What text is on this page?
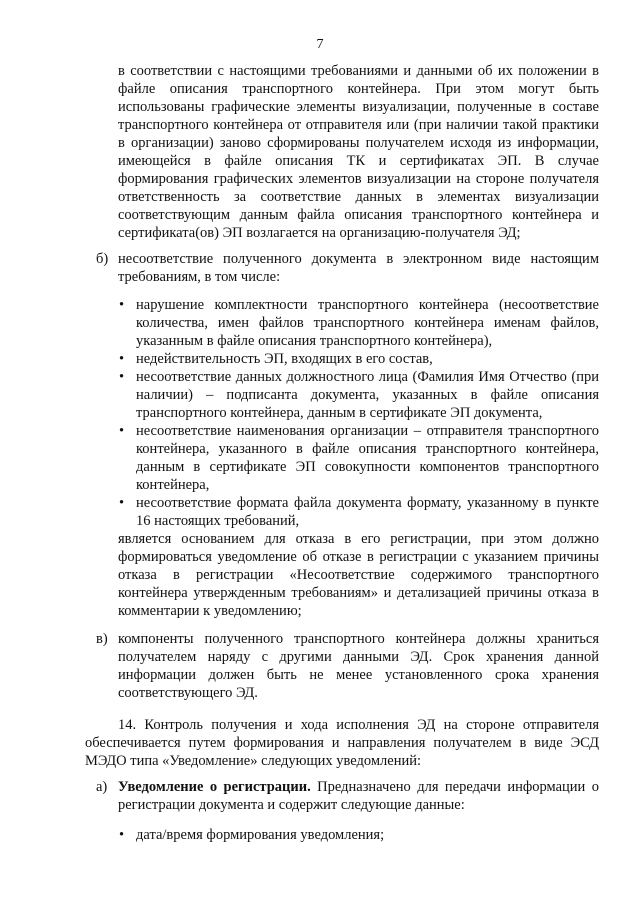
7

в соответствии с настоящими требованиями и данными об их положении в файле описания транспортного контейнера. При этом могут быть использованы графические элементы визуализации, полученные в составе транспортного контейнера от отправителя или (при наличии такой практики в организации) заново сформированы получателем исходя из информации, имеющейся в файле описания ТК и сертификатах ЭП. В случае формирования графических элементов визуализации на стороне получателя ответственность за соответствие данных в элементах визуализации соответствующим данным файла описания транспортного контейнера и сертификата(ов) ЭП возлагается на организацию-получателя ЭД;

б) несоответствие полученного документа в электронном виде настоящим требованиям, в том числе:
• нарушение комплектности транспортного контейнера (несоответствие количества, имен файлов транспортного контейнера именам файлов, указанным в файле описания транспортного контейнера),
• недействительность ЭП, входящих в его состав,
• несоответствие данных должностного лица (Фамилия Имя Отчество (при наличии) – подписанта документа, указанных в файле описания транспортного контейнера, данным в сертификате ЭП документа,
• несоответствие наименования организации – отправителя транспортного контейнера, указанного в файле описания транспортного контейнера, данным в сертификате ЭП совокупности компонентов транспортного контейнера,
• несоответствие формата файла документа формату, указанному в пункте 16 настоящих требований,

является основанием для отказа в его регистрации, при этом должно формироваться уведомление об отказе в регистрации с указанием причины отказа в регистрации «Несоответствие содержимого транспортного контейнера утвержденным требованиям» и детализацией причины отказа в комментарии к уведомлению;

в) компоненты полученного транспортного контейнера должны храниться получателем наряду с другими данными ЭД. Срок хранения данной информации должен быть не менее установленного срока хранения соответствующего ЭД.

14. Контроль получения и хода исполнения ЭД на стороне отправителя обеспечивается путем формирования и направления получателем в виде ЭСД МЭДО типа «Уведомление» следующих уведомлений:

а) Уведомление о регистрации. Предназначено для передачи информации о регистрации документа и содержит следующие данные:
• дата/время формирования уведомления;
